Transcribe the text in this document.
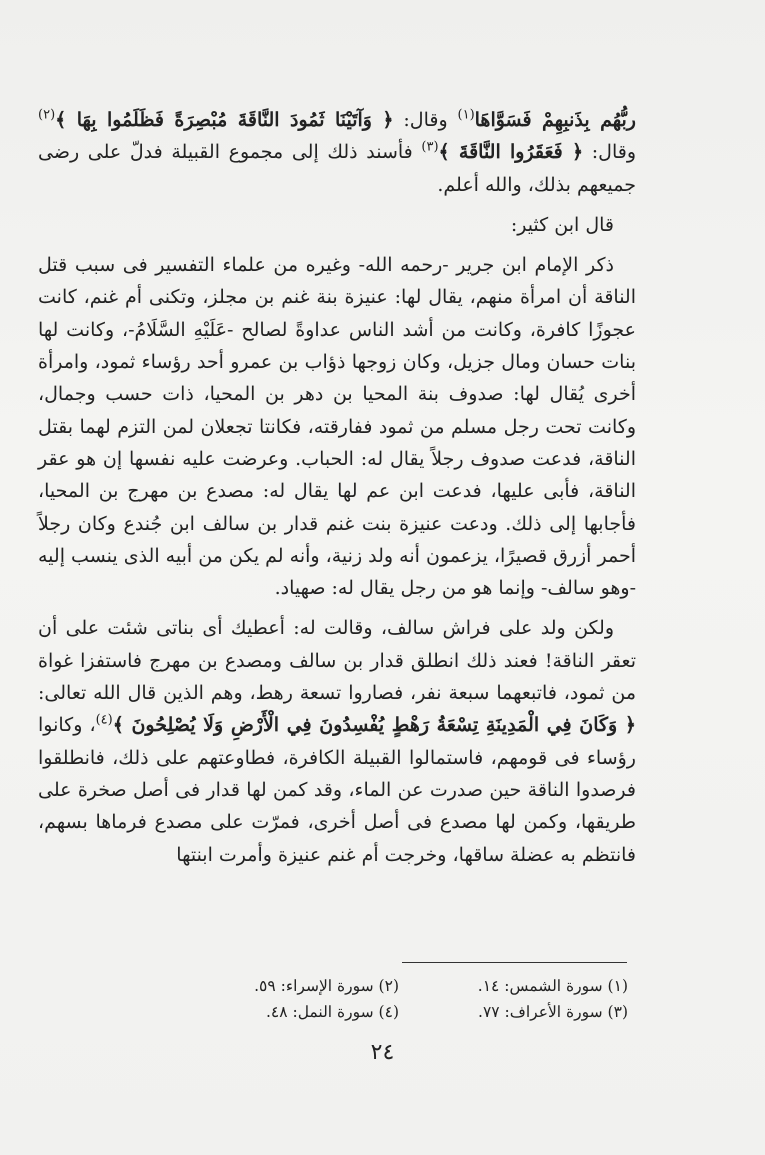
ربُّهُم بِذَنبِهِمْ فَسَوَّاهَا$^{(١)}$ وقال: ﴿ وَآتَيْنَا ثَمُودَ النَّاقَةَ مُبْصِرَةً فَظَلَمُوا بِهَا ﴾$^{(٢)}$ وقال: ﴿ فَعَقَرُوا النَّاقَةَ ﴾$^{(٣)}$ فأسند ذلك إلى مجموع القبيلة فدلّ على رضى جميعهم بذلك، والله أعلم.

قال ابن كثير:

ذكر الإمام ابن جرير -رحمه الله- وغيره من علماء التفسير فى سبب قتل الناقة أن امرأة منهم، يقال لها: عنيزة بنة غنم بن مجلز، وتكنى أم غنم، كانت عجوزًا كافرة، وكانت من أشد الناس عداوةً لصالح -عَلَيْهِ السَّلَامُ-، وكانت لها بنات حسان ومال جزيل، وكان زوجها ذؤاب بن عمرو أحد رؤساء ثمود، وامرأة أخرى يُقال لها: صدوف بنة المحيا بن دهر بن المحيا، ذات حسب وجمال، وكانت تحت رجل مسلم من ثمود ففارقته، فكانتا تجعلان لمن التزم لهما بقتل الناقة، فدعت صدوف رجلاً يقال له: الحباب. وعرضت عليه نفسها إن هو عقر الناقة، فأبى عليها، فدعت ابن عم لها يقال له: مصدع بن مهرج بن المحيا، فأجابها إلى ذلك. ودعت عنيزة بنت غنم قدار بن سالف ابن جُندع وكان رجلاً أحمر أزرق قصيرًا، يزعمون أنه ولد زنية، وأنه لم يكن من أبيه الذى ينسب إليه -وهو سالف- وإنما هو من رجل يقال له: صهياد.

ولكن ولد على فراش سالف، وقالت له: أعطيك أى بناتى شئت على أن تعقر الناقة! فعند ذلك انطلق قدار بن سالف ومصدع بن مهرج فاستفزا غواة من ثمود، فاتبعهما سبعة نفر، فصاروا تسعة رهط، وهم الذين قال الله تعالى: ﴿ وَكَانَ فِي الْمَدِينَةِ تِسْعَةُ رَهْطٍ يُفْسِدُونَ فِي الْأَرْضِ وَلَا يُصْلِحُونَ ﴾$^{(٤)}$، وكانوا رؤساء فى قومهم، فاستمالوا القبيلة الكافرة، فطاوعتهم على ذلك، فانطلقوا فرصدوا الناقة حين صدرت عن الماء، وقد كمن لها قدار فى أصل صخرة على طريقها، وكمن لها مصدع فى أصل أخرى، فمرّت على مصدع فرماها بسهم، فانتظم به عضلة ساقها، وخرجت أم غنم عنيزة وأمرت ابنتها

(١) سورة الشمس: ١٤.
(٢) سورة الإسراء: ٥٩.
(٣) سورة الأعراف: ٧٧.
(٤) سورة النمل: ٤٨.
٢٤
